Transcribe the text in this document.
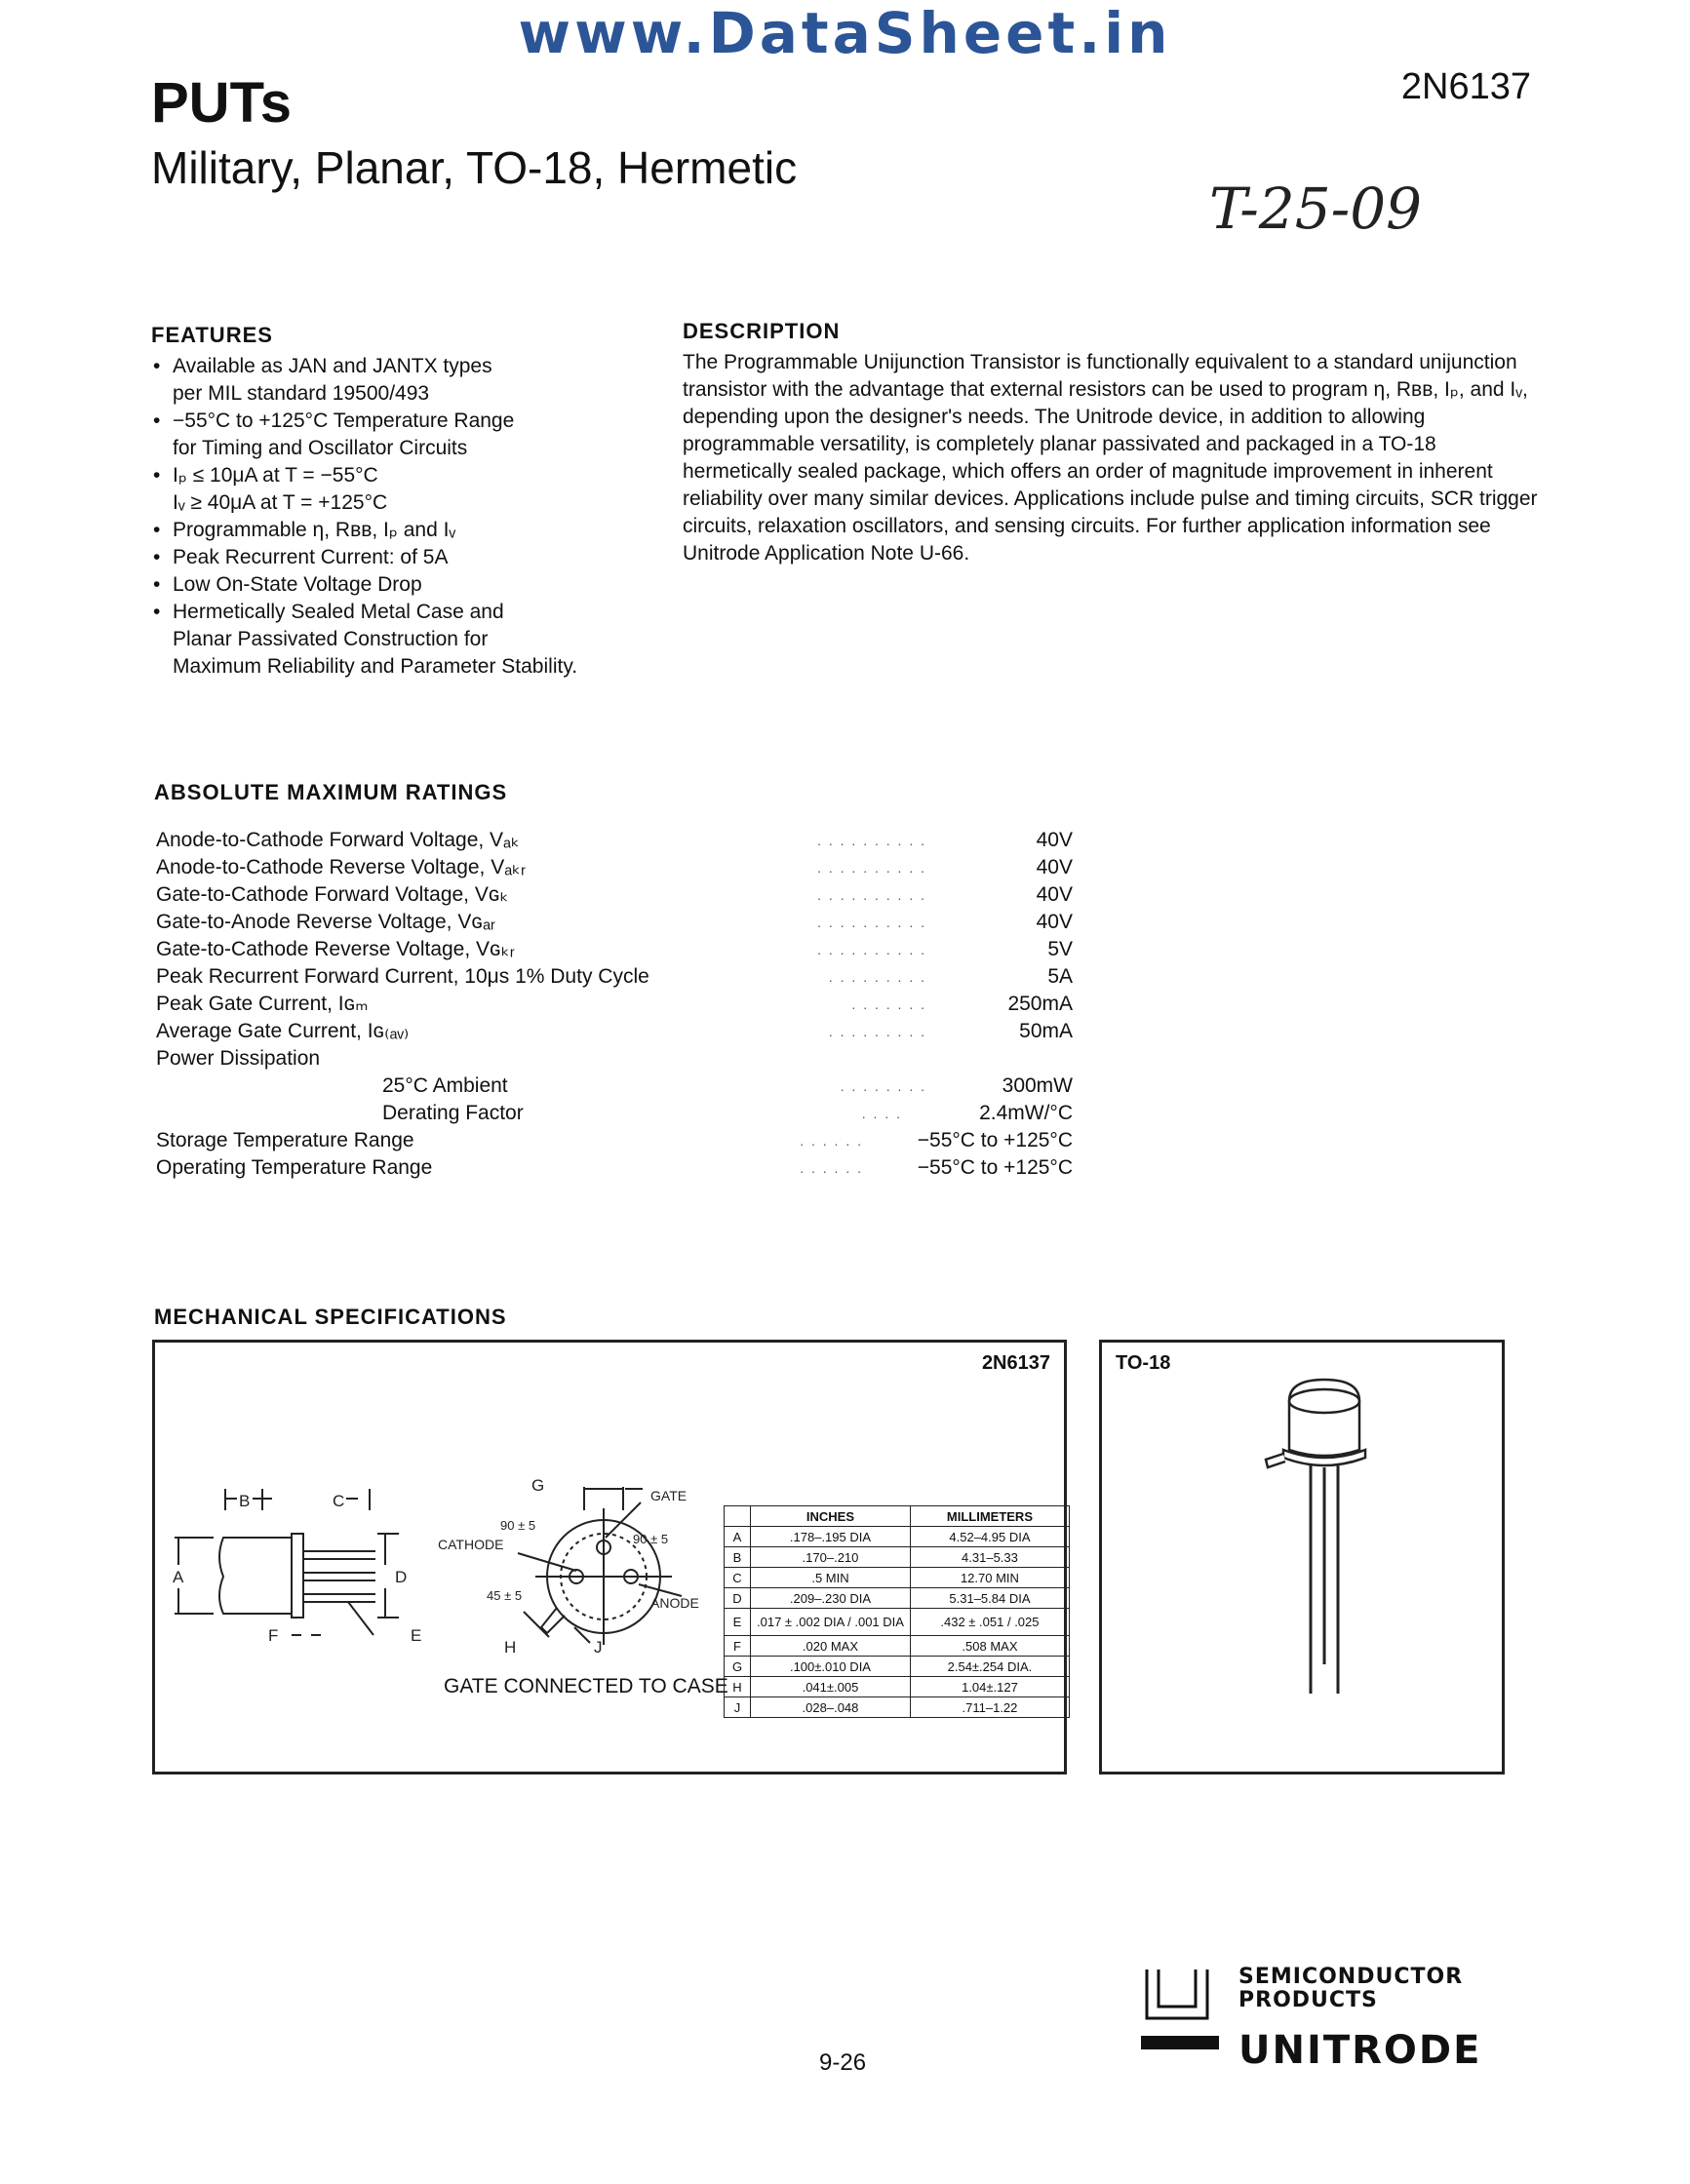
www.DataSheet.in
PUTs
Military, Planar, TO-18, Hermetic
2N6137
T-25-09
FEATURES
• Available as JAN and JANTX types
per MIL standard 19500/493
• −55°C to +125°C Temperature Range
for Timing and Oscillator Circuits
• Iₚ ≤ 10μA at T = −55°C
Iᵥ ≥ 40μA at T = +125°C
• Programmable η, Rʙʙ, Iₚ and Iᵥ
• Peak Recurrent Current: of 5A
• Low On-State Voltage Drop
• Hermetically Sealed Metal Case and
Planar Passivated Construction for
Maximum Reliability and Parameter Stability.
DESCRIPTION

The Programmable Unijunction Transistor is functionally equivalent to a standard unijunction transistor with the advantage that external resistors can be used to program η, Rʙʙ, Iₚ, and Iᵥ, depending upon the designer's needs. The Unitrode device, in addition to allowing programmable versatility, is completely planar passivated and packaged in a TO-18 hermetically sealed package, which offers an order of magnitude improvement in inherent reliability over many similar devices. Applications include pulse and timing circuits, SCR trigger circuits, relaxation oscillators, and sensing circuits. For further application information see Unitrode Application Note U-66.

ABSOLUTE MAXIMUM RATINGS
Anode-to-Cathode Forward Voltage, Vₐₖ	. . . . . . . . . .	40V
Anode-to-Cathode Reverse Voltage, Vₐₖᵣ	. . . . . . . . . .	40V
Gate-to-Cathode Forward Voltage, Vɢₖ	. . . . . . . . . .	40V
Gate-to-Anode Reverse Voltage, Vɢₐᵣ	. . . . . . . . . .	40V
Gate-to-Cathode Reverse Voltage, Vɢₖᵣ	. . . . . . . . . .	5V
Peak Recurrent Forward Current, 10μs 1% Duty Cycle	. . . . . . . . .	5A
Peak Gate Current, Iɢₘ	. . . . . . .	250mA
Average Gate Current, Iɢ₍ₐᵥ₎	. . . . . . . . .	50mA
Power Dissipation
25°C Ambient	. . . . . . . .	300mW
Derating Factor	. . . .	2.4mW/°C
Storage Temperature Range	. . . . . .	−55°C to +125°C
Operating Temperature Range	. . . . . .	−55°C to +125°C
MECHANICAL SPECIFICATIONS
2N6137
B	C
A	D
F	E
G
H	J
GATE
CATHODE
ANODE
90 ± 5
90 ± 5
45 ± 5
GATE CONNECTED TO CASE
	INCHES	MILLIMETERS
A	.178–.195 DIA	4.52–4.95 DIA
B	.170–.210	4.31–5.33
C	.5 MIN	12.70 MIN
D	.209–.230 DIA	5.31–5.84 DIA
E	.017 ± .002 DIA / .001 DIA	.432 ± .051 / .025
F	.020 MAX	.508 MAX
G	.100±.010 DIA	2.54±.254 DIA.
H	.041±.005	1.04±.127
J	.028–.048	.711–1.22
TO-18
SEMICONDUCTOR
PRODUCTS
UNITRODE
9-26
